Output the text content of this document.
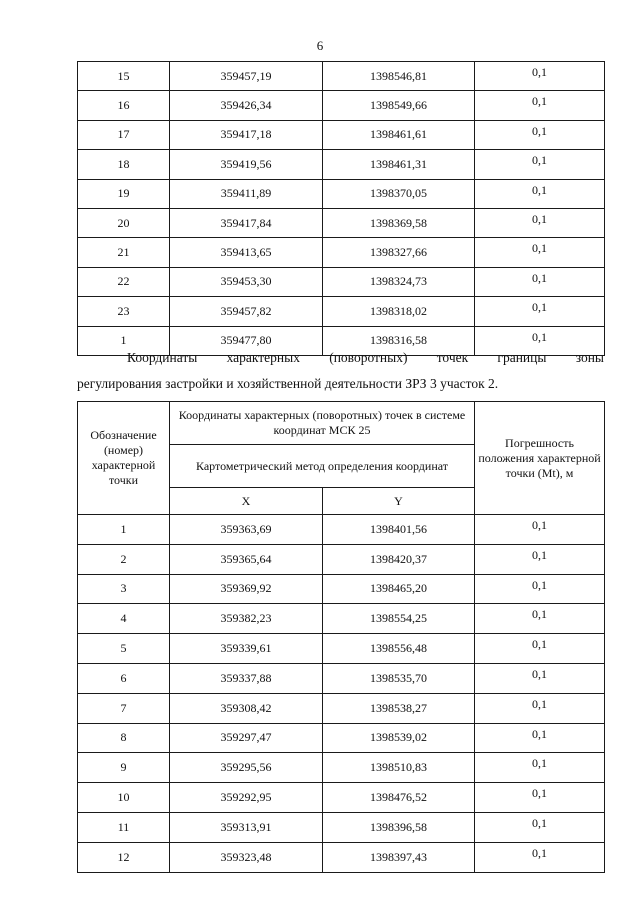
6
15	359457,19	1398546,81	0,1
16	359426,34	1398549,66	0,1
17	359417,18	1398461,61	0,1
18	359419,56	1398461,31	0,1
19	359411,89	1398370,05	0,1
20	359417,84	1398369,58	0,1
21	359413,65	1398327,66	0,1
22	359453,30	1398324,73	0,1
23	359457,82	1398318,02	0,1
1	359477,80	1398316,58	0,1
Координаты характерных (поворотных) точек границы зоны
регулирования застройки и хозяйственной деятельности ЗРЗ 3 участок 2.
Обозначение (номер) характерной точки	Координаты характерных (поворотных) точек в системе координат МСК 25		Погрешность положения характерной точки (Mt), м
	Картометрический метод определения координат		
	X	Y	
1	359363,69	1398401,56	0,1
2	359365,64	1398420,37	0,1
3	359369,92	1398465,20	0,1
4	359382,23	1398554,25	0,1
5	359339,61	1398556,48	0,1
6	359337,88	1398535,70	0,1
7	359308,42	1398538,27	0,1
8	359297,47	1398539,02	0,1
9	359295,56	1398510,83	0,1
10	359292,95	1398476,52	0,1
11	359313,91	1398396,58	0,1
12	359323,48	1398397,43	0,1
